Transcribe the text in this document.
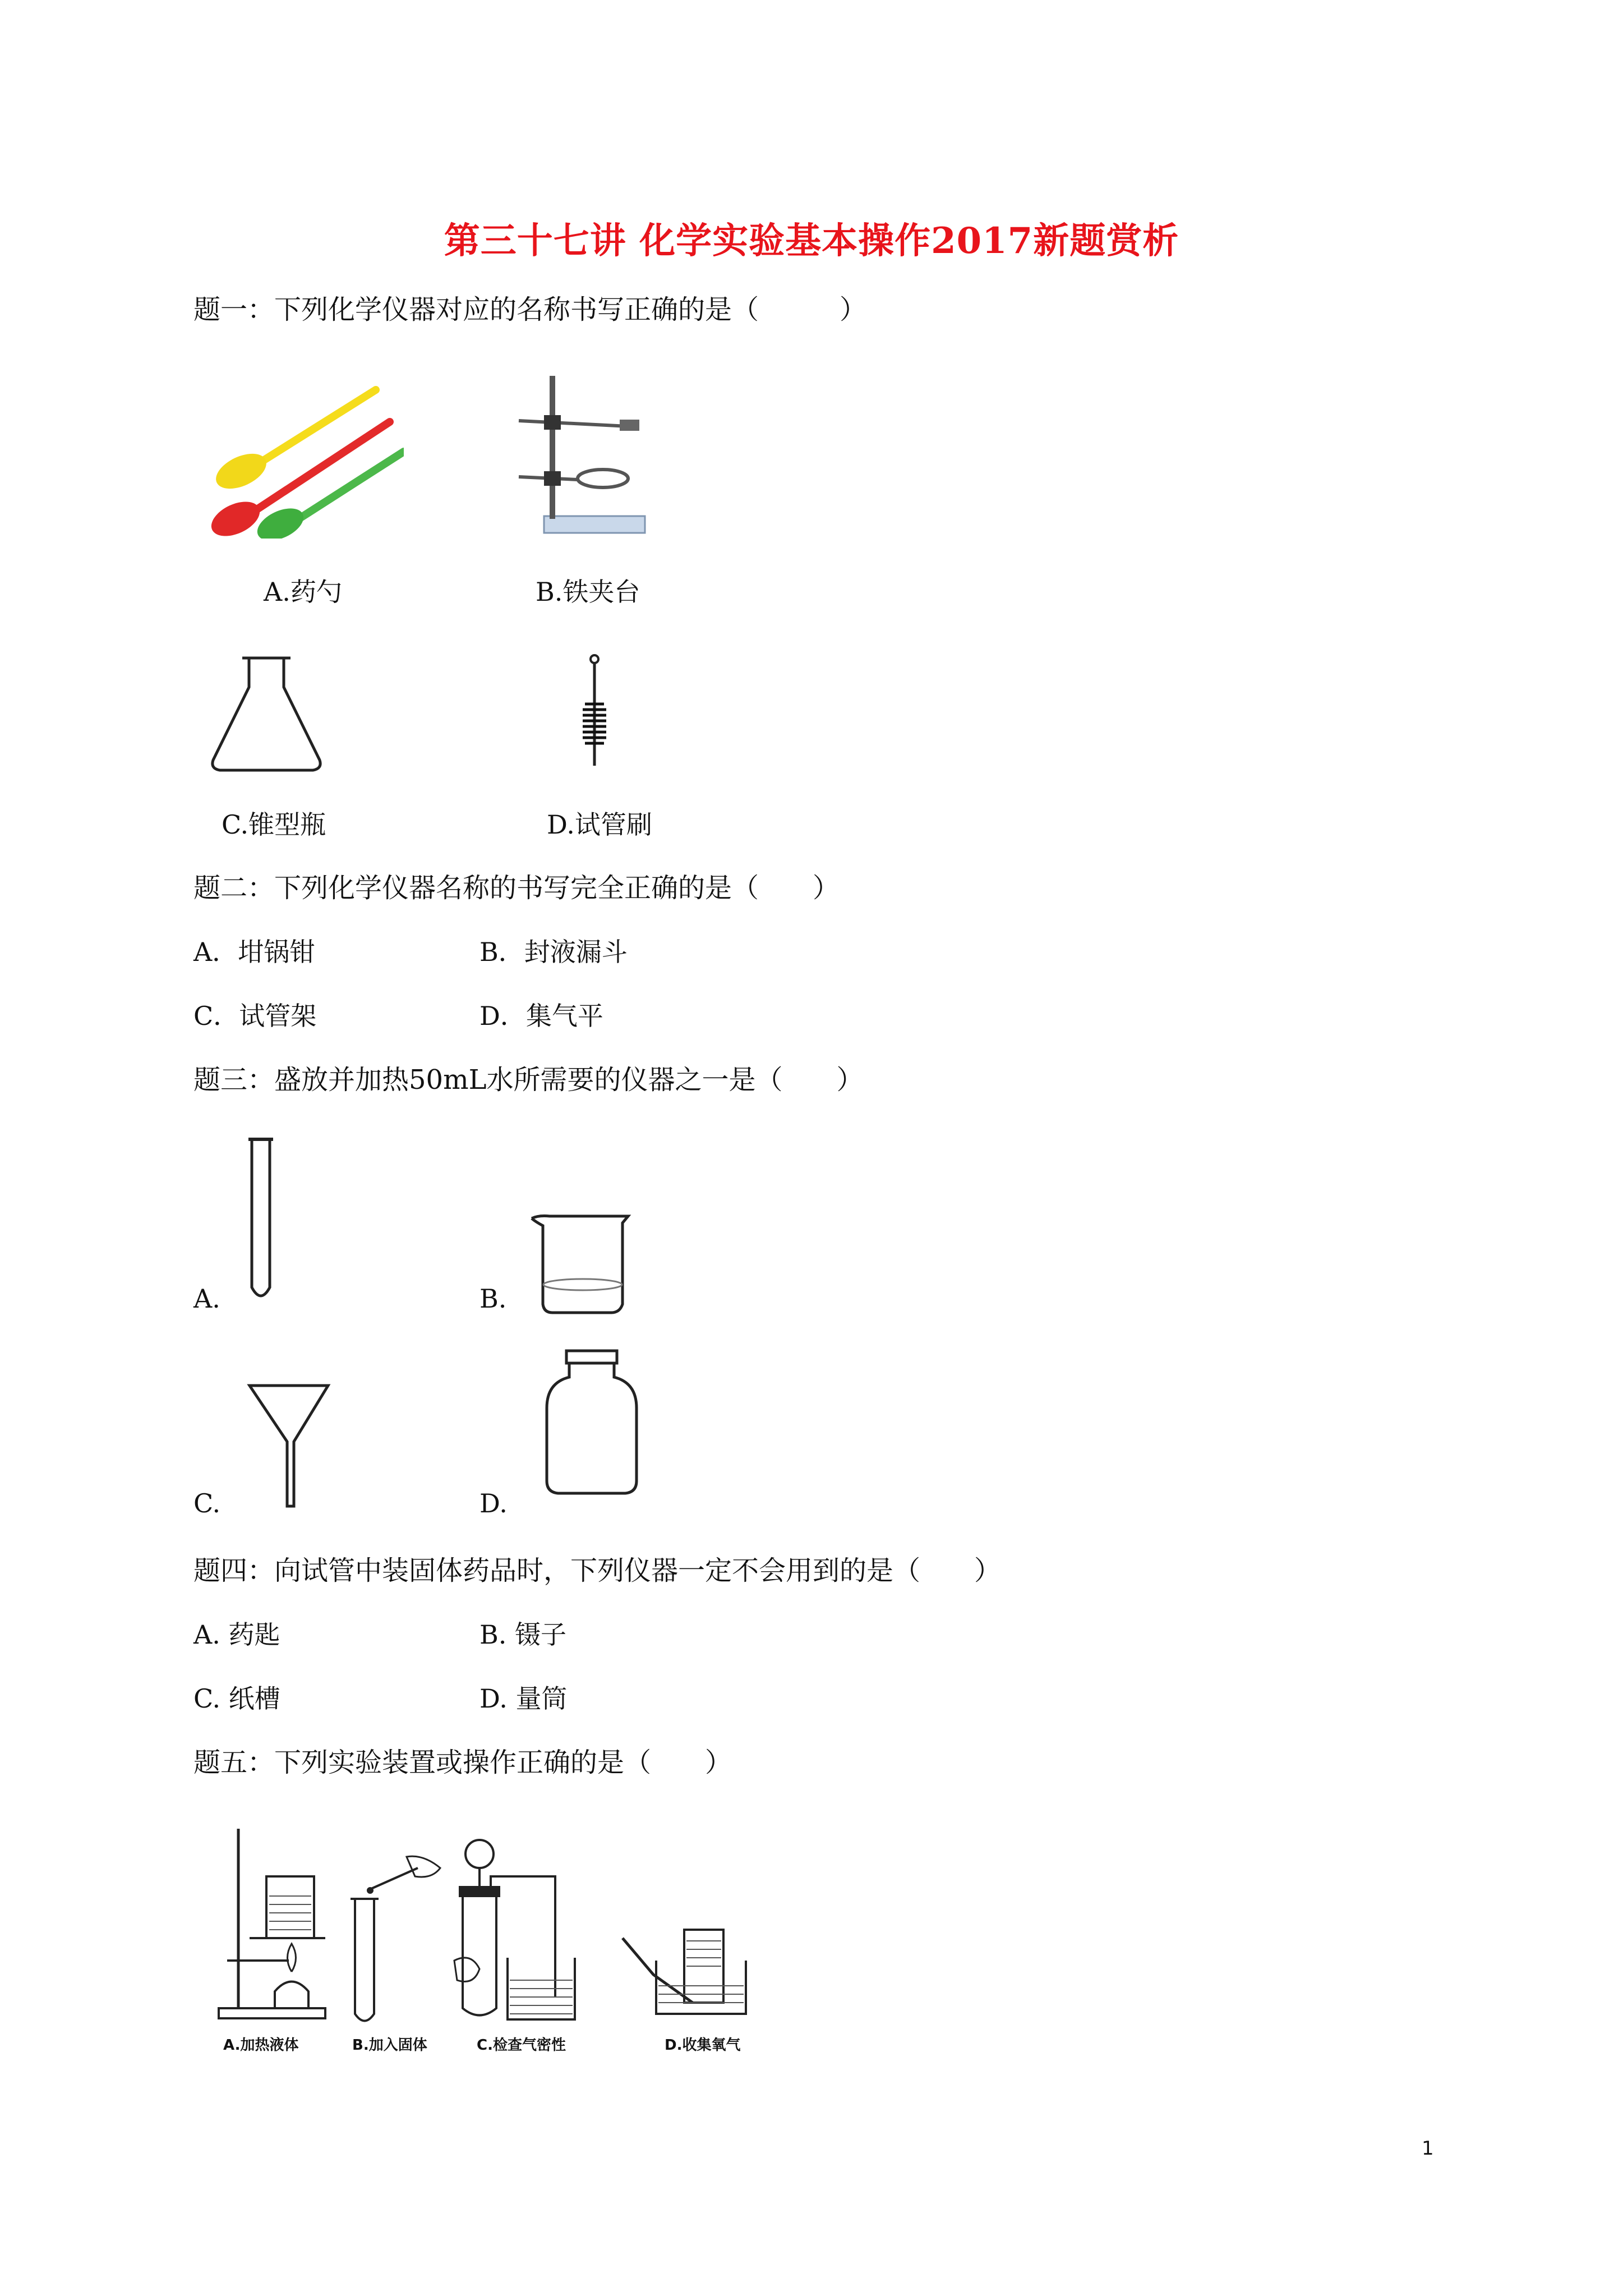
第三十七讲 化学实验基本操作2017新题赏析
题一：下列化学仪器对应的名称书写正确的是（　　　）
A.药勺	B.铁夹台
C.锥型瓶	D.试管刷
题二：下列化学仪器名称的书写完全正确的是（　　）
A．坩锅钳	B．封液漏斗
C．试管架	D．集气平
题三：盛放并加热50mL水所需要的仪器之一是（　　）
A.	B.
C.	D.
题四：向试管中装固体药品时，下列仪器一定不会用到的是（　　）
A. 药匙	B. 镊子
C. 纸槽	D. 量筒
题五：下列实验装置或操作正确的是（　　）
A.加热液体	B.加入固体	C.检查气密性	D.收集氧气
1
